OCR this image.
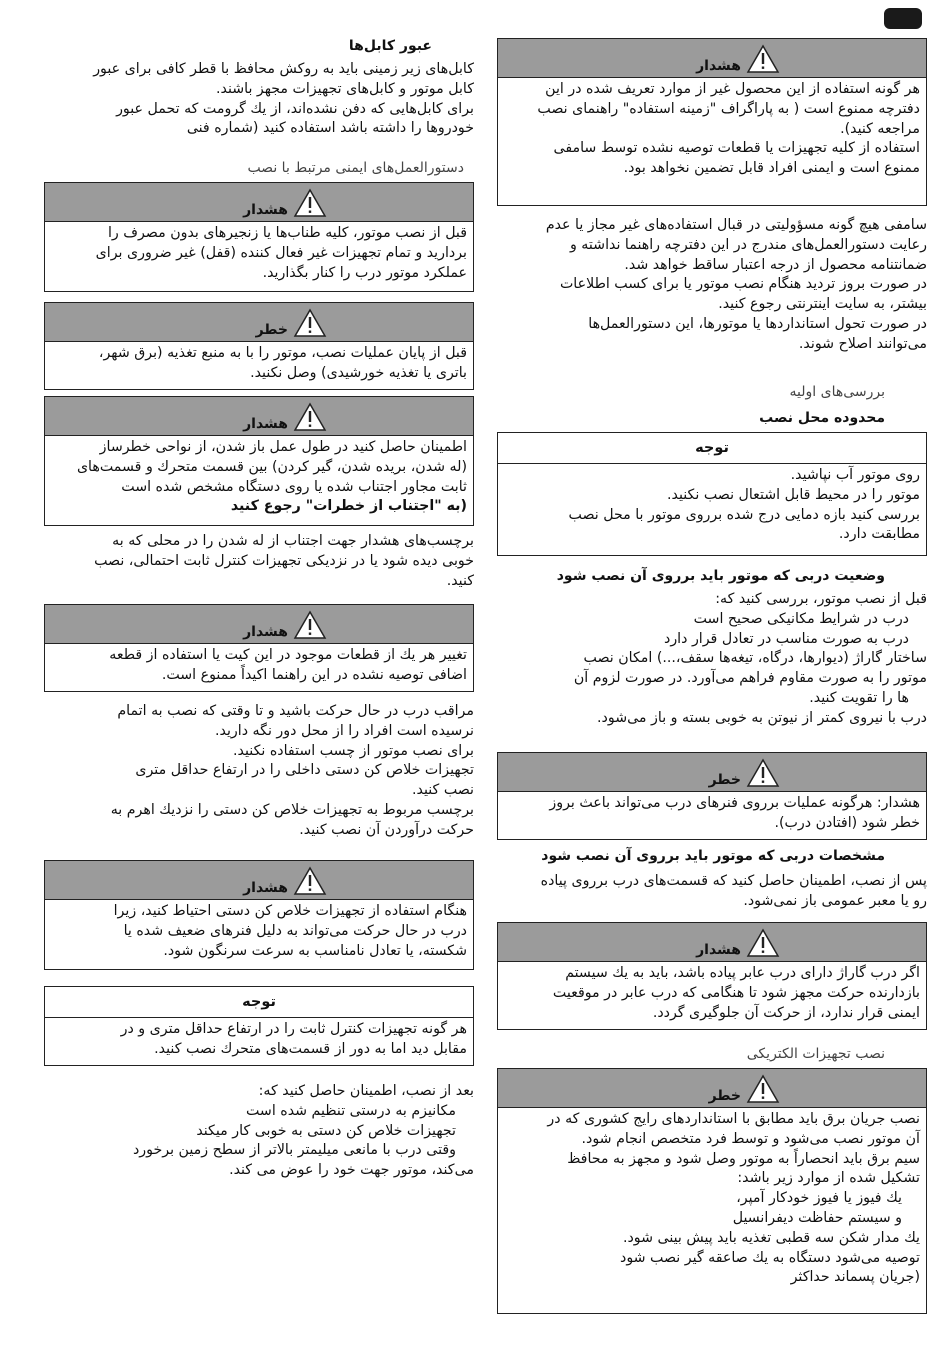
هشدار
هر گونه استفاده از این محصول غیر از موارد تعریف شده در این
دفترچه ممنوع است ( به پاراگراف "زمینه استفاده" راهنمای نصب
مراجعه کنید).
استفاده از کلیه تجهیزات یا قطعات توصیه نشده توسط سامفی
ممنوع است و ایمنی افراد قابل تضمین نخواهد بود.
سامفی هیچ گونه مسؤولیتی در قبال استفاده‌های غیر مجاز یا عدم
رعایت دستورالعمل‌های مندرج در این دفترچه راهنما نداشته و
ضمانتنامه محصول از درجه اعتبار ساقط خواهد شد.
در صورت بروز تردید هنگام نصب موتور یا برای کسب اطلاعات
بیشتر، به سایت اینترنتی رجوع کنید.
در صورت تحول استانداردها یا موتورها، این دستورالعمل‌ها
می‌توانند اصلاح شوند.

بررسی‌های اولیه

محدوده محل نصب

توجه
روی موتور آب نپاشید.
موتور را در محیط قابل اشتعال نصب نکنید.
بررسی کنید بازه دمایی درج شده برروی موتور با محل نصب
مطابقت دارد.

وضعیت دربی که موتور باید برروی آن نصب شود

قبل از نصب موتور، بررسی کنید که:
درب در شرایط مکانیکی صحیح است
درب به صورت مناسب در تعادل قرار دارد
ساختار گاراژ (دیوارها، درگاه، تیغه‌ها سقف،...) امکان نصب
موتور را به صورت مقاوم فراهم می‌آورد. در صورت لزوم آن
ها را تقویت کنید.
درب با نیروی کمتر از نیوتن به خوبی بسته و باز می‌شود.
خطر
هشدار: هرگونه عملیات برروی فنرهای درب می‌تواند باعث بروز
خطر شود (افتادن درب).

مشخصات دربی که موتور باید برروی آن نصب شود

پس از نصب، اطمینان حاصل کنید که قسمت‌های درب برروی پیاده
رو یا معبر عمومی باز نمی‌شود.
هشدار
اگر درب گاراژ دارای درب عابر پیاده باشد، باید به یك سیستم
بازدارنده حرکت مجهز شود تا هنگامی که درب عابر در موقعیت
ایمنی قرار ندارد، از حرکت آن جلوگیری گردد.

نصب تجهیزات الکتریکی

خطر
نصب جریان برق باید مطابق با استانداردهای رایج کشوری که در
آن موتور نصب می‌شود و توسط فرد متخصص انجام شود.
سیم برق باید انحصاراً به موتور وصل شود و مجهز به محافظ
تشکیل شده از موارد زیر باشد:
یك فیوز یا فیوز خودکار آمپر،
و سیستم حفاظت دیفرانسیل
یك مدار شکن سه قطبی تغذیه باید پیش بینی شود.
توصیه می‌شود دستگاه به یك صاعقه گیر نصب شود
(جریان پسماند حداکثر

عبور کابل‌ها

کابل‌های زیر زمینی باید به روکش محافظ با قطر کافی برای عبور
کابل موتور و کابل‌های تجهیزات مجهز باشند.
برای کابل‌هایی که دفن نشده‌اند، از یك گرومت که تحمل عبور
خودروها را داشته باشد استفاده کنید (شماره فنی

دستورالعمل‌های ایمنی مرتبط با نصب

هشدار
قبل از نصب موتور، کلیه طناب‌ها یا زنجیرهای بدون مصرف را
بردارید و تمام تجهیزات غیر فعال کننده (قفل) غیر ضروری برای
عملکرد موتور درب را کنار بگذارید.
خطر
قبل از پایان عملیات نصب، موتور را با به منبع تغذیه (برق شهر،
باتری یا تغذیه خورشیدی) وصل نکنید.
هشدار
اطمینان حاصل کنید در طول عمل باز شدن، از نواحی خطرساز
(له شدن، بریده شدن، گیر کردن) بین قسمت متحرك و قسمت‌های
ثابت مجاور اجتناب شده یا روی دستگاه مشخص شده است
(به "اجتناب از خطرات" رجوع کنید
برچسب‌های هشدار جهت اجتناب از له شدن را در محلی که به
خوبی دیده شود یا در نزدیکی تجهیزات کنترل ثابت احتمالی، نصب
کنید.
هشدار
تغییر هر یك از قطعات موجود در این کیت یا استفاده از قطعه
اضافی توصیه نشده در این راهنما اکیداً ممنوع است.
مراقب درب در حال حرکت باشید و تا وقتی که نصب به اتمام
نرسیده است افراد را از محل دور نگه دارید.
برای نصب موتور از چسب استفاده نکنید.
تجهیزات خلاص کن دستی داخلی را در ارتفاع حداقل متری
نصب کنید.
برچسب مربوط به تجهیزات خلاص کن دستی را نزدیك اهرم به
حرکت درآوردن آن نصب کنید.
هشدار
هنگام استفاده از تجهیزات خلاص کن دستی احتیاط کنید، زیرا
درب در حال حرکت می‌تواند به دلیل فنرهای ضعیف شده یا
شکسته، یا تعادل نامناسب به سرعت سرنگون شود.
توجه
هر گونه تجهیزات کنترل ثابت را در ارتفاع حداقل متری و در
مقابل دید اما به دور از قسمت‌های متحرك نصب کنید.
بعد از نصب، اطمینان حاصل کنید که:
مکانیزم به درستی تنظیم شده است
تجهیزات خلاص کن دستی به خوبی کار میکند
وقتی درب با مانعی میلیمتر بالاتر از سطح زمین برخورد
می‌کند، موتور جهت خود را عوض می کند.
